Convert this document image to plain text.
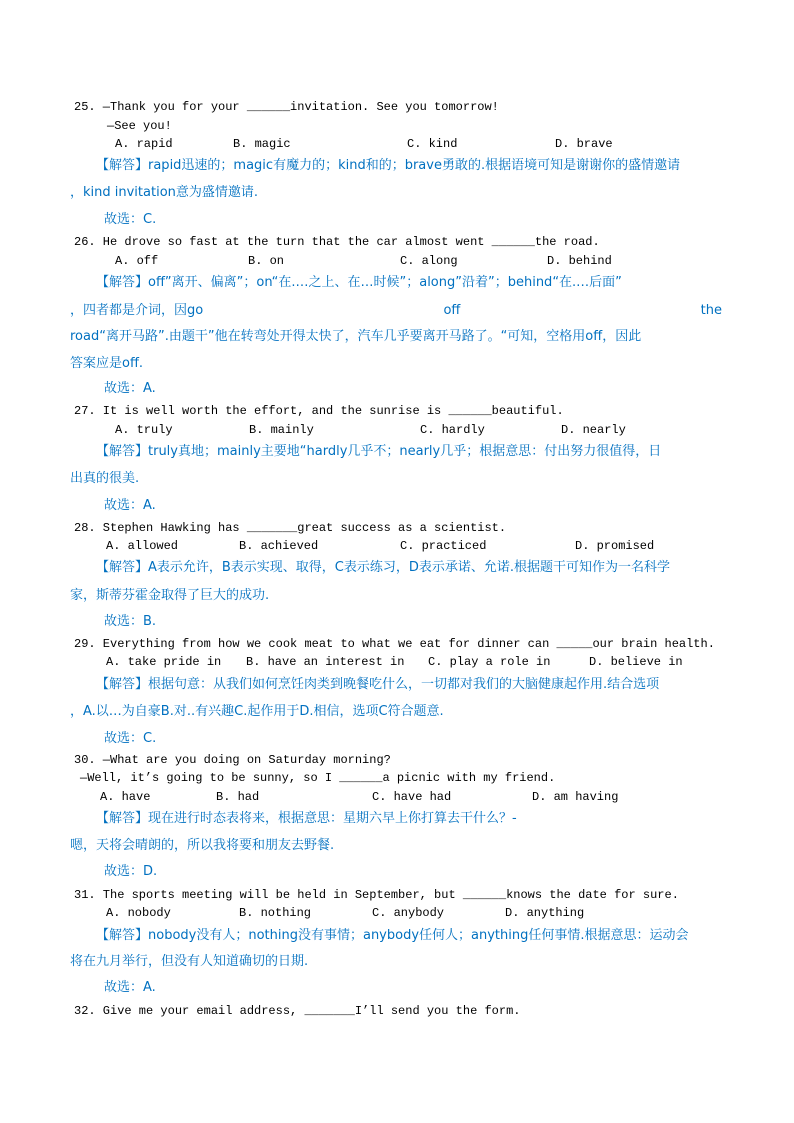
25. —Thank you for your ______invitation. See you tomorrow!
—See you!
A. rapid	B. magic	C. kind	D. brave
【解答】rapid迅速的；magic有魔力的；kind和的；brave勇敢的.根据语境可知是谢谢你的盛情邀请
，kind invitation意为盛情邀请.
故选：C.
26. He drove so fast at the turn that the car almost went ______the road.
A. off	B. on	C. along	D. behind
【解答】off”离开、偏离”；on“在.…之上、在…时候”；along”沿着”；behind“在.…后面”
，四者都是介词，因go	off	the
road“离开马路”.由题干”他在转弯处开得太快了，汽车几乎要离开马路了。“可知，空格用off，因此
答案应是off.
故选：A.
27. It is well worth the effort, and the sunrise is ______beautiful.
A. truly	B. mainly	C. hardly	D. nearly
【解答】truly真地；mainly主要地“hardly几乎不；nearly几乎；根据意思：付出努力很值得，日
出真的很美.
故选：A.
28. Stephen Hawking has _______great success as a scientist.
A. allowed	B. achieved	C. practiced	D. promised
【解答】A表示允许，B表示实现、取得，C表示练习，D表示承诺、允诺.根据题干可知作为一名科学
家，斯蒂芬霍金取得了巨大的成功.
故选：B.
29. Everything from how we cook meat to what we eat for dinner can _____our brain health.
A. take pride in B. have an interest in C. play a role in	D. believe in
【解答】根据句意：从我们如何烹饪肉类到晚餐吃什么，一切都对我们的大脑健康起作用.结合选项
，A.以…为自豪B.对..有兴趣C.起作用于D.相信，选项C符合题意.
故选：C.
30. —What are you doing on Saturday morning?
—Well, it’s going to be sunny, so I ______a picnic with my friend.
A. have	B. had	C. have had	D. am having
【解答】现在进行时态表将来，根据意思：星期六早上你打算去干什么？-
嗯，天将会晴朗的，所以我将要和朋友去野餐.
故选：D.
31. The sports meeting will be held in September, but ______knows the date for sure.
A. nobody	B. nothing	C. anybody	D. anything
【解答】nobody没有人；nothing没有事情；anybody任何人；anything任何事情.根据意思：运动会
将在九月举行，但没有人知道确切的日期.
故选：A.
32. Give me your email address, _______I’ll send you the form.
